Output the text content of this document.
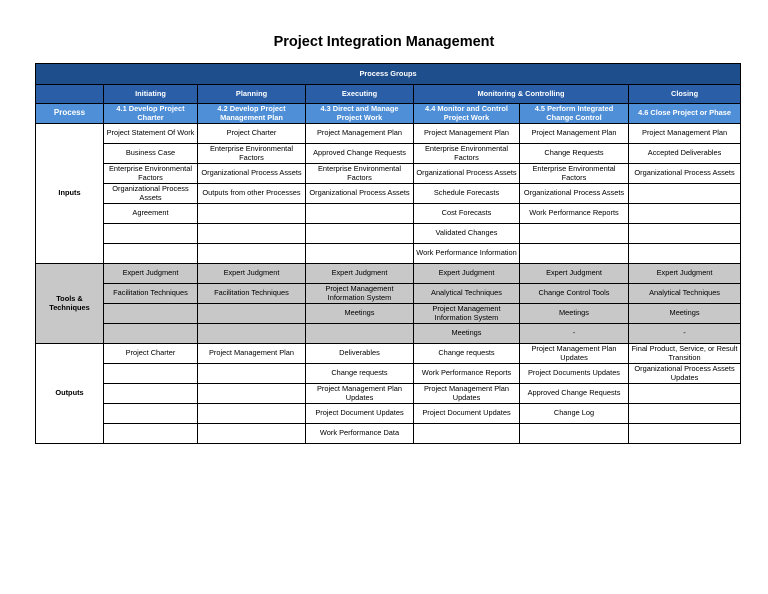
Project Integration Management
Process Groups						
	Initiating	Planning	Executing	Monitoring & Controlling		Closing
Process	4.1 Develop Project Charter	4.2 Develop Project Management Plan	4.3 Direct and Manage Project Work	4.4 Monitor and Control Project Work	4.5 Perform Integrated Change Control	4.6 Close Project or Phase
Inputs	Project Statement Of Work	Project Charter	Project Management Plan	Project Management Plan	Project Management Plan	Project Management Plan
	Business Case	Enterprise Environmental Factors	Approved Change Requests	Enterprise Environmental Factors	Change Requests	Accepted Deliverables
	Enterprise Environmental Factors	Organizational Process Assets	Enterprise Environmental Factors	Organizational Process Assets	Enterprise Environmental Factors	Organizational Process Assets
	Organizational Process Assets	Outputs from other Processes	Organizational Process Assets	Schedule Forecasts	Organizational Process Assets	
	Agreement			Cost Forecasts	Work Performance Reports	
				Validated Changes		
				Work Performance Information		
Tools & Techniques	Expert Judgment	Expert Judgment	Expert Judgment	Expert Judgment	Expert Judgment	Expert Judgment
	Facilitation Techniques	Facilitation Techniques	Project Management Information System	Analytical Techniques	Change Control Tools	Analytical Techniques
			Meetings	Project Management Information System	Meetings	Meetings
				Meetings	-	-
Outputs	Project Charter	Project Management Plan	Deliverables	Change requests	Project Management Plan Updates	Final Product, Service, or Result Transition
			Change requests	Work Performance Reports	Project Documents Updates	Organizational Process Assets Updates
			Project Management Plan Updates	Project Management Plan Updates	Approved Change Requests	
			Project Document Updates	Project Document Updates	Change Log	
			Work Performance Data			
